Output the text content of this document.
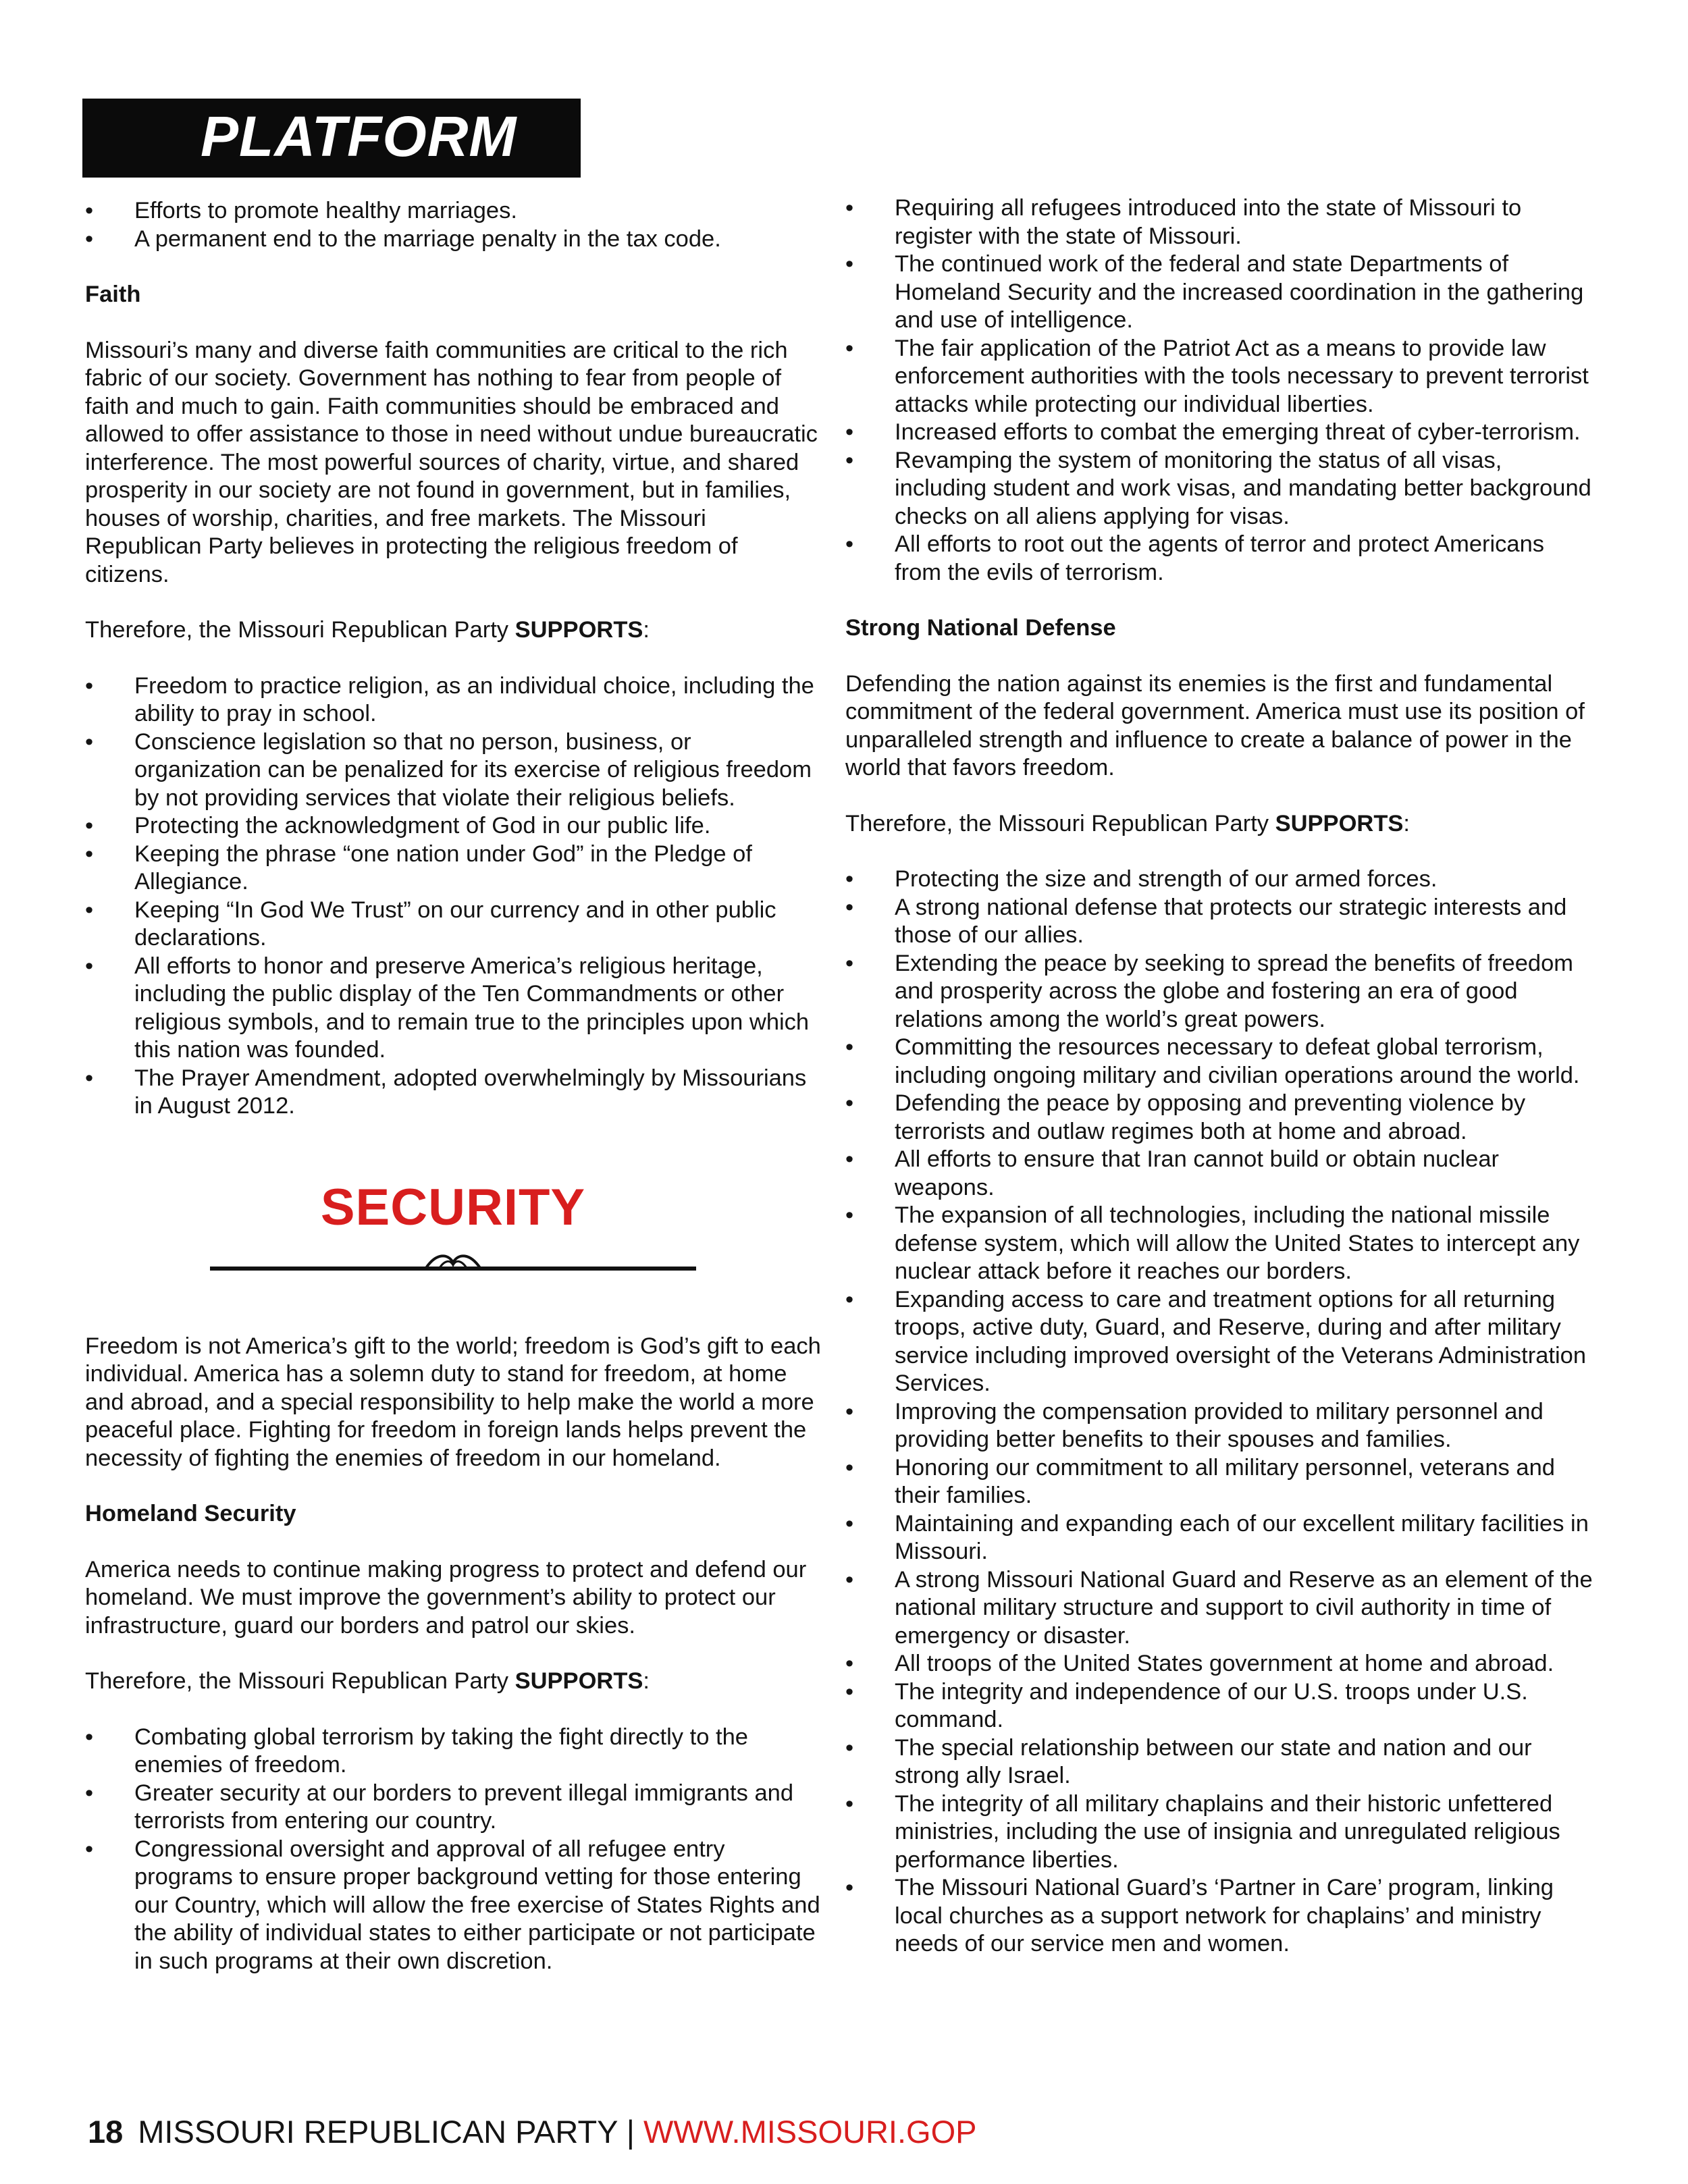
PLATFORM
• Efforts to promote healthy marriages.
• A permanent end to the marriage penalty in the tax code.
Faith

Missouri’s many and diverse faith communities are critical to the rich fabric of our society. Government has nothing to fear from people of faith and much to gain. Faith communities should be embraced and allowed to offer assistance to those in need without undue bureaucratic interference. The most powerful sources of charity, virtue, and shared prosperity in our society are not found in government, but in families, houses of worship, charities, and free markets. The Missouri Republican Party believes in protecting the religious freedom of citizens.

Therefore, the Missouri Republican Party SUPPORTS:

• Freedom to practice religion, as an individual choice, including the ability to pray in school.
• Conscience legislation so that no person, business, or organization can be penalized for its exercise of religious freedom by not providing services that violate their religious beliefs.
• Protecting the acknowledgment of God in our public life.
• Keeping the phrase “one nation under God” in the Pledge of Allegiance.
• Keeping “In God We Trust” on our currency and in other public declarations.
• All efforts to honor and preserve America’s religious heritage, including the public display of the Ten Commandments or other religious symbols, and to remain true to the principles upon which this nation was founded.
• The Prayer Amendment, adopted overwhelmingly by Missourians in August 2012.
SECURITY

Freedom is not America’s gift to the world; freedom is God’s gift to each individual. America has a solemn duty to stand for freedom, at home and abroad, and a special responsibility to help make the world a more peaceful place. Fighting for freedom in foreign lands helps prevent the necessity of fighting the enemies of freedom in our homeland.

Homeland Security

America needs to continue making progress to protect and defend our homeland. We must improve the government’s ability to protect our infrastructure, guard our borders and patrol our skies.

Therefore, the Missouri Republican Party SUPPORTS:

• Combating global terrorism by taking the fight directly to the enemies of freedom.
• Greater security at our borders to prevent illegal immigrants and terrorists from entering our country.
• Congressional oversight and approval of all refugee entry programs to ensure proper background vetting for those entering our Country, which will allow the free exercise of States Rights and the ability of individual states to either participate or not participate in such programs at their own discretion.
• Requiring all refugees introduced into the state of Missouri to register with the state of Missouri.
• The continued work of the federal and state Departments of Homeland Security and the increased coordination in the gathering and use of intelligence.
• The fair application of the Patriot Act as a means to provide law enforcement authorities with the tools necessary to prevent terrorist attacks while protecting our individual liberties.
• Increased efforts to combat the emerging threat of cyber-terrorism.
• Revamping the system of monitoring the status of all visas, including student and work visas, and mandating better background checks on all aliens applying for visas.
• All efforts to root out the agents of terror and protect Americans from the evils of terrorism.
Strong National Defense

Defending the nation against its enemies is the first and fundamental commitment of the federal government. America must use its position of unparalleled strength and influence to create a balance of power in the world that favors freedom.

Therefore, the Missouri Republican Party SUPPORTS:

• Protecting the size and strength of our armed forces.
• A strong national defense that protects our strategic interests and those of our allies.
• Extending the peace by seeking to spread the benefits of freedom and prosperity across the globe and fostering an era of good relations among the world’s great powers.
• Committing the resources necessary to defeat global terrorism, including ongoing military and civilian operations around the world.
• Defending the peace by opposing and preventing violence by terrorists and outlaw regimes both at home and abroad.
• All efforts to ensure that Iran cannot build or obtain nuclear weapons.
• The expansion of all technologies, including the national missile defense system, which will allow the United States to intercept any nuclear attack before it reaches our borders.
• Expanding access to care and treatment options for all returning troops, active duty, Guard, and Reserve, during and after military service including improved oversight of the Veterans Administration Services.
• Improving the compensation provided to military personnel and providing better benefits to their spouses and families.
• Honoring our commitment to all military personnel, veterans and their families.
• Maintaining and expanding each of our excellent military facilities in Missouri.
• A strong Missouri National Guard and Reserve as an element of the national military structure and support to civil authority in time of emergency or disaster.
• All troops of the United States government at home and abroad.
• The integrity and independence of our U.S. troops under U.S. command.
• The special relationship between our state and nation and our strong ally Israel.
• The integrity of all military chaplains and their historic unfettered ministries, including the use of insignia and unregulated religious performance liberties.
• The Missouri National Guard’s ‘Partner in Care’ program, linking local churches as a support network for chaplains’ and ministry needs of our service men and women.
18 MISSOURI REPUBLICAN PARTY | WWW.MISSOURI.GOP
